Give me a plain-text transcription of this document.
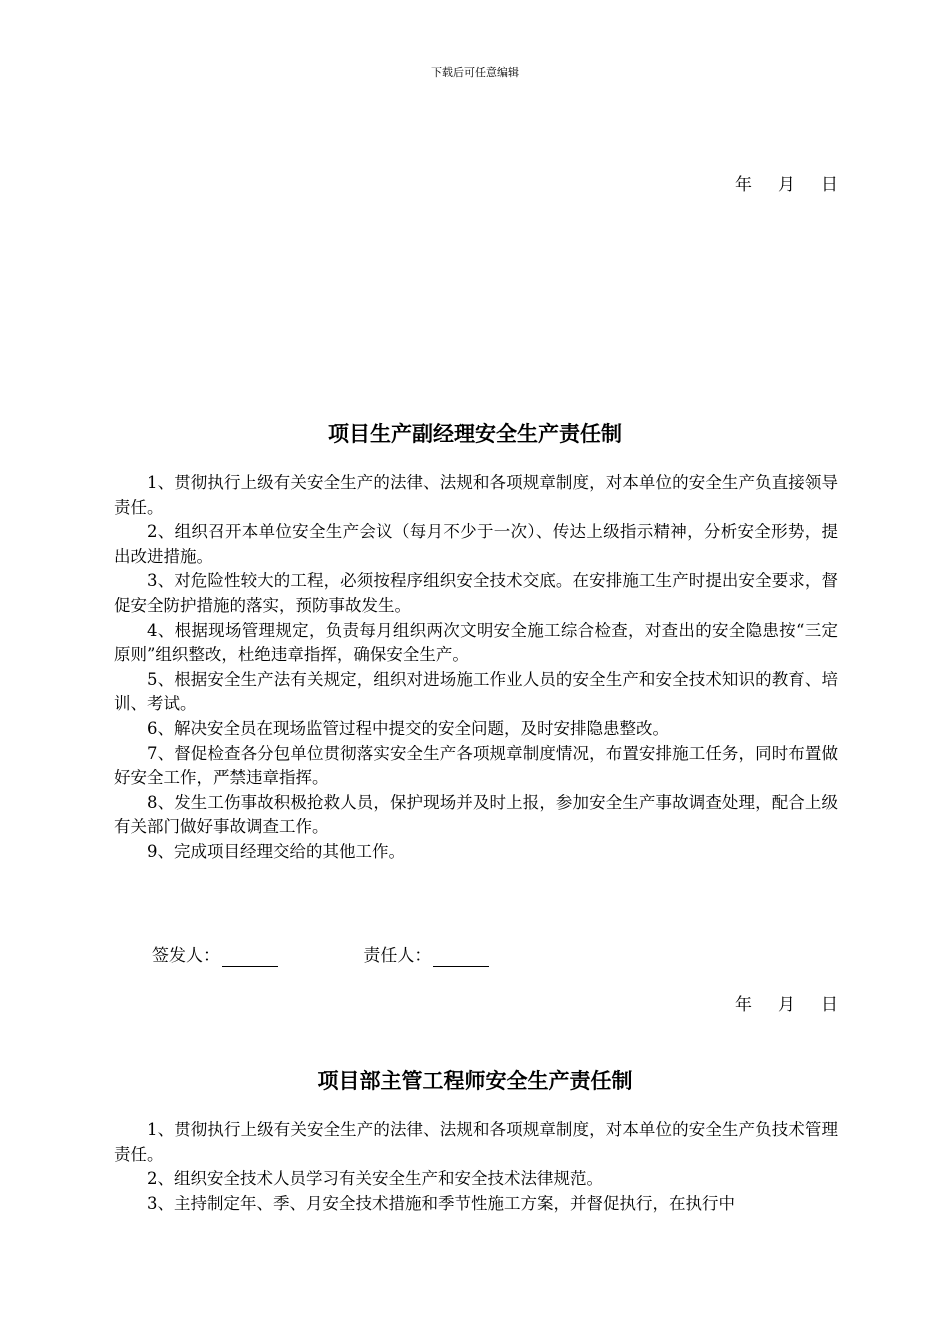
下载后可任意编辑
年 月 日
项目生产副经理安全生产责任制

1、贯彻执行上级有关安全生产的法律、法规和各项规章制度，对本单位的安全生产负直接领导责任。

2、组织召开本单位安全生产会议（每月不少于一次）、传达上级指示精神，分析安全形势，提出改进措施。

3、对危险性较大的工程，必须按程序组织安全技术交底。在安排施工生产时提出安全要求，督促安全防护措施的落实，预防事故发生。

4、根据现场管理规定，负责每月组织两次文明安全施工综合检查，对查出的安全隐患按“三定原则”组织整改，杜绝违章指挥，确保安全生产。

5、根据安全生产法有关规定，组织对进场施工作业人员的安全生产和安全技术知识的教育、培训、考试。

6、解决安全员在现场监管过程中提交的安全问题，及时安排隐患整改。

7、督促检查各分包单位贯彻落实安全生产各项规章制度情况，布置安排施工任务，同时布置做好安全工作，严禁违章指挥。

8、发生工伤事故积极抢救人员，保护现场并及时上报，参加安全生产事故调查处理，配合上级有关部门做好事故调查工作。

9、完成项目经理交给的其他工作。

签发人：	责任人：
年 月 日
项目部主管工程师安全生产责任制

1、贯彻执行上级有关安全生产的法律、法规和各项规章制度，对本单位的安全生产负技术管理责任。

2、组织安全技术人员学习有关安全生产和安全技术法律规范。

3、主持制定年、季、月安全技术措施和季节性施工方案，并督促执行，在执行中
